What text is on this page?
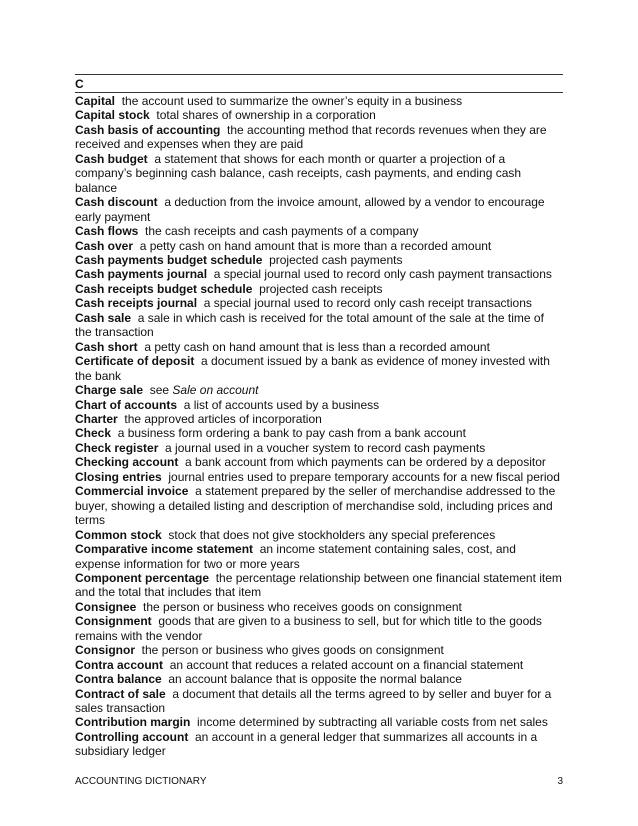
C
Capital the account used to summarize the owner’s equity in a business
Capital stock total shares of ownership in a corporation
Cash basis of accounting the accounting method that records revenues when they are received and expenses when they are paid
Cash budget a statement that shows for each month or quarter a projection of a company’s beginning cash balance, cash receipts, cash payments, and ending cash balance
Cash discount a deduction from the invoice amount, allowed by a vendor to encourage early payment
Cash flows the cash receipts and cash payments of a company
Cash over a petty cash on hand amount that is more than a recorded amount
Cash payments budget schedule projected cash payments
Cash payments journal a special journal used to record only cash payment transactions
Cash receipts budget schedule projected cash receipts
Cash receipts journal a special journal used to record only cash receipt transactions
Cash sale a sale in which cash is received for the total amount of the sale at the time of the transaction
Cash short a petty cash on hand amount that is less than a recorded amount
Certificate of deposit a document issued by a bank as evidence of money invested with the bank
Charge sale see Sale on account
Chart of accounts a list of accounts used by a business
Charter the approved articles of incorporation
Check a business form ordering a bank to pay cash from a bank account
Check register a journal used in a voucher system to record cash payments
Checking account a bank account from which payments can be ordered by a depositor
Closing entries journal entries used to prepare temporary accounts for a new fiscal period
Commercial invoice a statement prepared by the seller of merchandise addressed to the buyer, showing a detailed listing and description of merchandise sold, including prices and terms
Common stock stock that does not give stockholders any special preferences
Comparative income statement an income statement containing sales, cost, and expense information for two or more years
Component percentage the percentage relationship between one financial statement item and the total that includes that item
Consignee the person or business who receives goods on consignment
Consignment goods that are given to a business to sell, but for which title to the goods remains with the vendor
Consignor the person or business who gives goods on consignment
Contra account an account that reduces a related account on a financial statement
Contra balance an account balance that is opposite the normal balance
Contract of sale a document that details all the terms agreed to by seller and buyer for a sales transaction
Contribution margin income determined by subtracting all variable costs from net sales
Controlling account an account in a general ledger that summarizes all accounts in a subsidiary ledger
ACCOUNTING DICTIONARY	3
